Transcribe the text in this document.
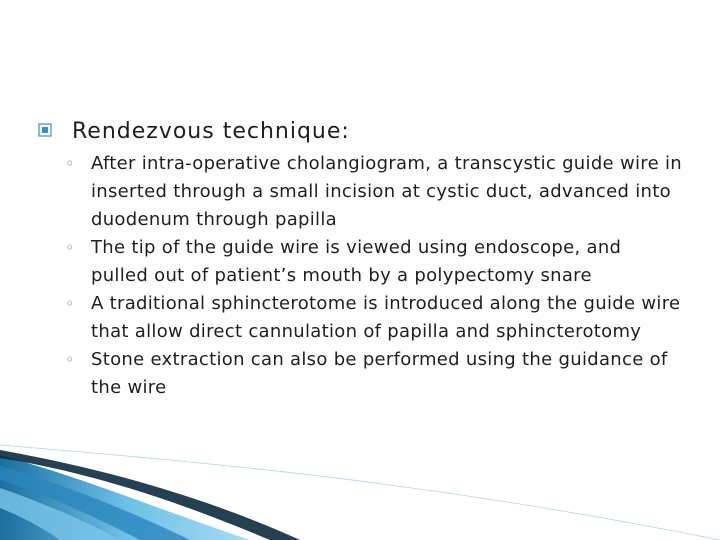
Rendezvous technique:
◦ After intra-operative cholangiogram, a transcystic guide wire in inserted through a small incision at cystic duct, advanced into duodenum through papilla
◦ The tip of the guide wire is viewed using endoscope, and pulled out of patient’s mouth by a polypectomy snare
◦ A traditional sphincterotome is introduced along the guide wire that allow direct cannulation of papilla and sphincterotomy
◦ Stone extraction can also be performed using the guidance of the wire
